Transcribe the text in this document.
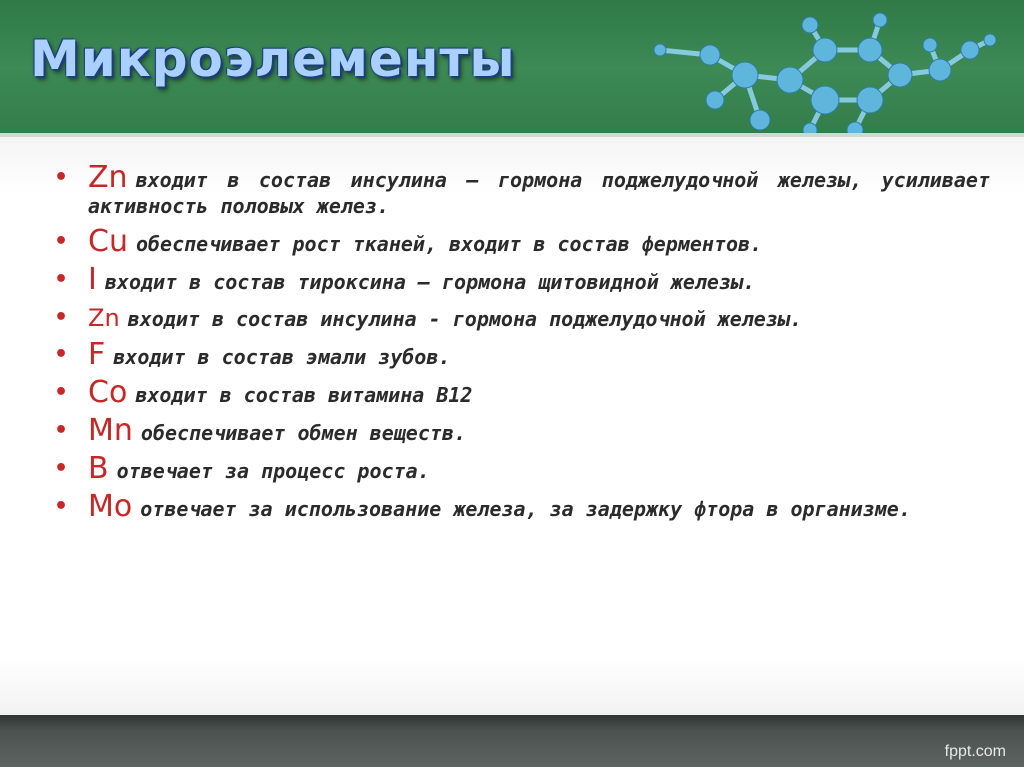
Микроэлементы
• Zn входит в состав инсулина – гормона поджелудочной железы, усиливает активность половых желез.
• Cu обеспечивает рост тканей, входит в состав ферментов.
• I входит в состав тироксина – гормона щитовидной железы.
• Zn входит в состав инсулина - гормона поджелудочной железы.
• F входит в состав эмали зубов.
• Co входит в состав витамина В12
• Mn обеспечивает обмен веществ.
• B отвечает за процесс роста.
• Mo отвечает за использование железа, за задержку фтора в организме.
fppt.com
